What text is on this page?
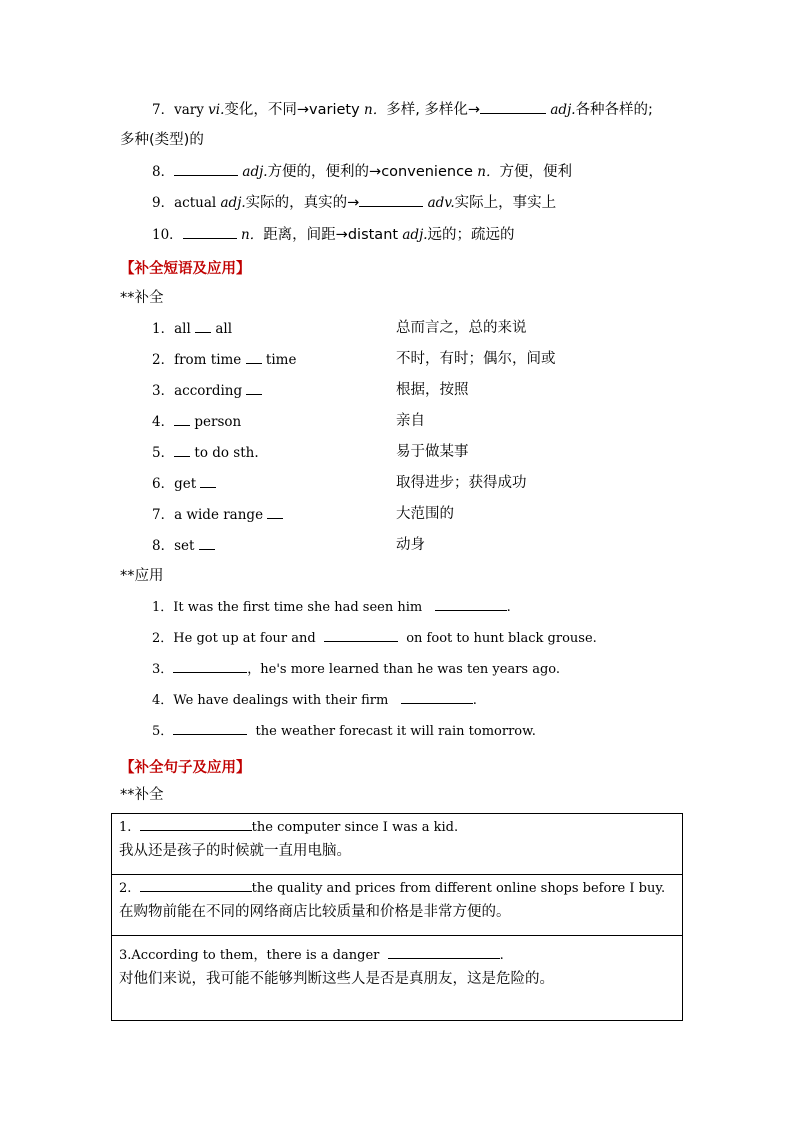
7．vary vi.变化，不同→variety n．多样, 多样化→	adj.各种各样的;
多种(类型)的
8．	adj.方便的，便利的→convenience n．方便，便利
9．actual adj.实际的，真实的→	adv.实际上，事实上
10．	n．距离，间距→distant adj.远的；疏远的
【补全短语及应用】
**补全
1．all all	总而言之，总的来说
2．from time time	不时，有时；偶尔，间或
3．according	根据，按照
4． person	亲自
5． to do sth.	易于做某事
6．get	取得进步；获得成功
7．a wide range	大范围的
8．set	动身
**应用
1．It was the first time she had seen him	.
2．He got up at four and	on foot to hunt black grouse.
3．	，he's more learned than he was ten years ago.
4．We have dealings with their firm	.
5．	the weather forecast it will rain tomorrow.
【补全句子及应用】
**补全
1.	the computer since I was a kid.
我从还是孩子的时候就一直用电脑。

2.	the quality and prices from different online shops before I buy.
在购物前能在不同的网络商店比较质量和价格是非常方便的。

3.According to them，there is a danger	.
对他们来说，我可能不能够判断这些人是否是真朋友，这是危险的。
